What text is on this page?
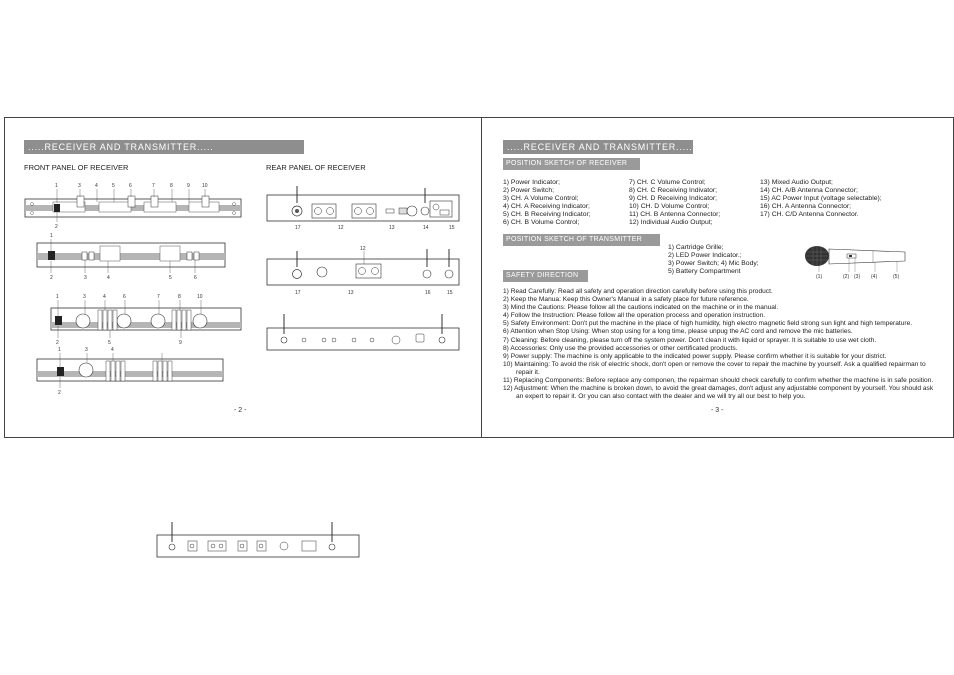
.....RECEIVER AND TRANSMITTER.....
FRONT PANEL OF RECEIVER	REAR PANEL OF RECEIVER
1	3	4	5	6	7	8	9 10
2
1
2	3	4	5	6
1	3	4	6	7	8	10
2	5	9
1	3	4
2
17	12	13	14	15
12
17	13	16	15
- 2 -
.....RECEIVER AND TRANSMITTER.....
POSITION SKETCH OF RECEIVER
1) Power Indicator;
2) Power Switch;
3) CH. A Volume Control;
4) CH. A Receiving Indicator;
5) CH. B Receiving Indicator;
6) CH. B Volume Control;
7) CH. C Volume Control;
8) CH. C Receiving Indivator;
9) CH. D Receiving Indicator;
10) CH. D Volume Control;
11) CH. B Antenna Connector;
12) Individual Audio Output;
13) Mixed Audio Output;
14) CH. A/B Antenna Connector;
15) AC Power Input (voltage selectable);
16) CH. A Antenna Connector;
17) CH. C/D Antenna Connector.
POSITION SKETCH OF TRANSMITTER
1) Cartridge Grille;
2) LED Power Indicator.;
3) Power Switch; 4) Mic Body;
5) Battery Compartment
(1)	(2) (3) (4)	(5)
SAFETY DIRECTION
1) Read Carefully: Read all safety and operation direction carefully before using this product.
2) Keep the Manua: Keep this Owner's Manual in a safety place for future reference.
3) Mind the Cautions: Please follow all the cautions indicated on the machine or in the manual.
4) Follow the Instruction: Please follow all the operation process and operation instruction.
5) Safety Environment: Don't put the machine in the place of high humidity, high electro magnetic field strong sun light and high temperature.
6) Attention when Stop Using: When stop using for a long time, please unpug the AC cord and remove the mic batteries.
7) Cleaning: Before cleaning, please turn off the system power. Don't clean it with liquid or sprayer. It is suitable to use wet cloth.
8) Accessories: Only use the provided accessories or other certificated products.
9) Power supply: The machine is only applicable to the indicated power supply. Please confirm whether it is suitable for your district.
10) Maintaining: To avoid the risk of electric shock, don't open or remove the cover to repair the machine by yourself. Ask a qualified repairman to repair it.
11) Replacing Components: Before replace any componen, the repairman should check carefully to confirm whether the machine is in safe position.
12) Adjustment: When the machine is broken down, to avoid the great damages, don't adjust any adjustable component by yourself. You should ask an expert to repair it. Or you can also contact with the dealer and we will try all our best to help you.
- 3 -
